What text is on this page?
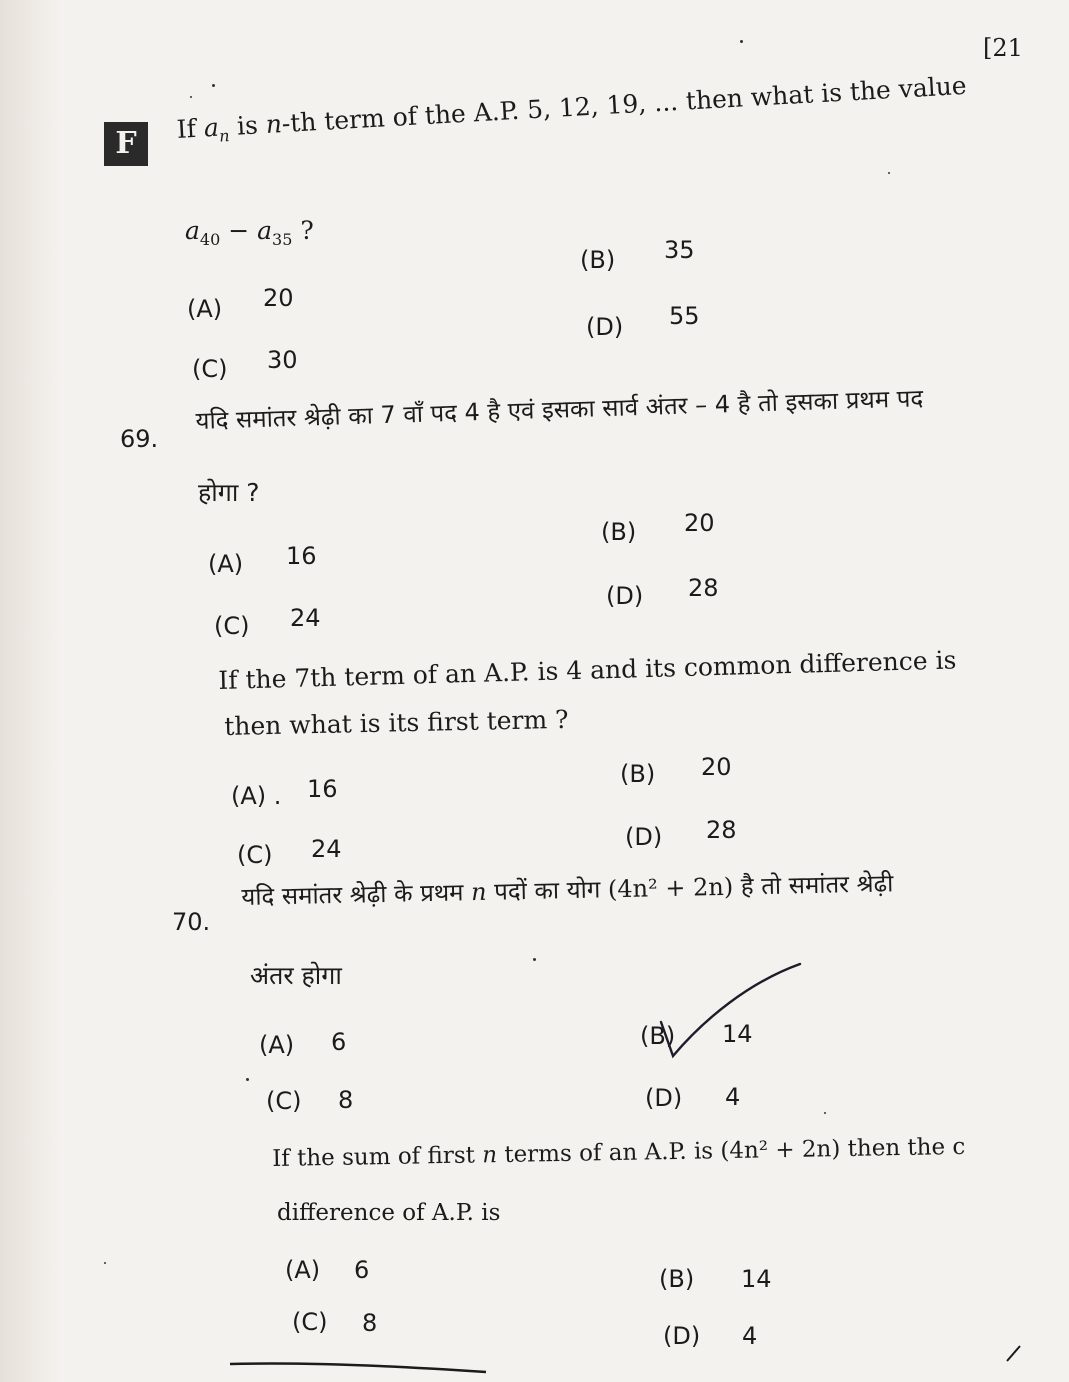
[21
F	If $a_n$ is n-th term of the A.P. 5, 12, 19, ... then what is the value
$a_{40} - a_{35}$ ?
(B) 35
(A) 20
(D) 55
(C) 30
69.
यदि समांतर श्रेढ़ी का 7 वाँ पद 4 है एवं इसका सार्व अंतर – 4 है तो इसका प्रथम पद
होगा ?
(B) 20
(A) 16
(D) 28
(C) 24
If the 7th term of an A.P. is 4 and its common difference is
then what is its first term ?
(B) 20
(A) . 16
(D) 28
(C) 24
70.
यदि समांतर श्रेढ़ी के प्रथम n पदों का योग (4n² + 2n) है तो समांतर श्रेढ़ी
अंतर होगा
(A) 6	(B) 14
(C) 8	(D) 4
If the sum of first n terms of an A.P. is (4n² + 2n) then the c
difference of A.P. is
(A) 6	(B) 14
(C) 8	(D) 4
